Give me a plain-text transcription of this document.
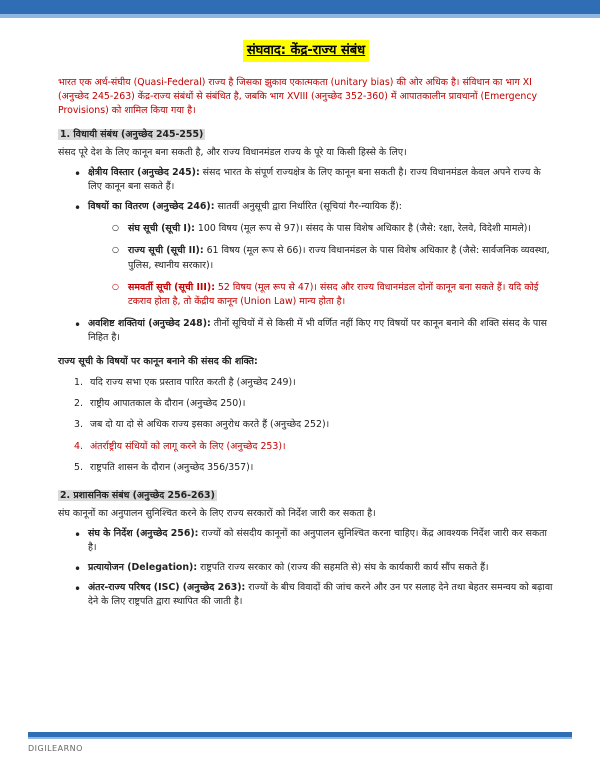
संघवाद: केंद्र-राज्य संबंध

भारत एक अर्ध-संघीय (Quasi-Federal) राज्य है जिसका झुकाव एकात्मकता (unitary bias) की ओर अधिक है। संविधान का भाग XI (अनुच्छेद 245-263) केंद्र-राज्य संबंधों से संबंधित है, जबकि भाग XVIII (अनुच्छेद 352-360) में आपातकालीन प्रावधानों (Emergency Provisions) को शामिल किया गया है।

1. विधायी संबंध (अनुच्छेद 245-255)

संसद पूरे देश के लिए कानून बना सकती है, और राज्य विधानमंडल राज्य के पूरे या किसी हिस्से के लिए।

• क्षेत्रीय विस्तार (अनुच्छेद 245): संसद भारत के संपूर्ण राज्यक्षेत्र के लिए कानून बना सकती है। राज्य विधानमंडल केवल अपने राज्य के लिए कानून बना सकते हैं।
• विषयों का वितरण (अनुच्छेद 246): सातवीं अनुसूची द्वारा निर्धारित (सूचियां गैर-न्यायिक हैं):
○ संघ सूची (सूची I): 100 विषय (मूल रूप से 97)। संसद के पास विशेष अधिकार है (जैसे: रक्षा, रेलवे, विदेशी मामले)।
○ राज्य सूची (सूची II): 61 विषय (मूल रूप से 66)। राज्य विधानमंडल के पास विशेष अधिकार है (जैसे: सार्वजनिक व्यवस्था, पुलिस, स्थानीय सरकार)।
○ समवर्ती सूची (सूची III): 52 विषय (मूल रूप से 47)। संसद और राज्य विधानमंडल दोनों कानून बना सकते हैं। यदि कोई टकराव होता है, तो केंद्रीय कानून (Union Law) मान्य होता है।
• अवशिष्ट शक्तियां (अनुच्छेद 248): तीनों सूचियों में से किसी में भी वर्णित नहीं किए गए विषयों पर कानून बनाने की शक्ति संसद के पास निहित है।
राज्य सूची के विषयों पर कानून बनाने की संसद की शक्ति:
1. यदि राज्य सभा एक प्रस्ताव पारित करती है (अनुच्छेद 249)।
2. राष्ट्रीय आपातकाल के दौरान (अनुच्छेद 250)।
3. जब दो या दो से अधिक राज्य इसका अनुरोध करते हैं (अनुच्छेद 252)।
4. अंतर्राष्ट्रीय संधियों को लागू करने के लिए (अनुच्छेद 253)।
5. राष्ट्रपति शासन के दौरान (अनुच्छेद 356/357)।
2. प्रशासनिक संबंध (अनुच्छेद 256-263)

संघ कानूनों का अनुपालन सुनिश्चित करने के लिए राज्य सरकारों को निर्देश जारी कर सकता है।

• संघ के निर्देश (अनुच्छेद 256): राज्यों को संसदीय कानूनों का अनुपालन सुनिश्चित करना चाहिए। केंद्र आवश्यक निर्देश जारी कर सकता है।
• प्रत्यायोजन (Delegation): राष्ट्रपति राज्य सरकार को (राज्य की सहमति से) संघ के कार्यकारी कार्य सौंप सकते हैं।
• अंतर-राज्य परिषद (ISC) (अनुच्छेद 263): राज्यों के बीच विवादों की जांच करने और उन पर सलाह देने तथा बेहतर समन्वय को बढ़ावा देने के लिए राष्ट्रपति द्वारा स्थापित की जाती है।
DIGILEARNO
